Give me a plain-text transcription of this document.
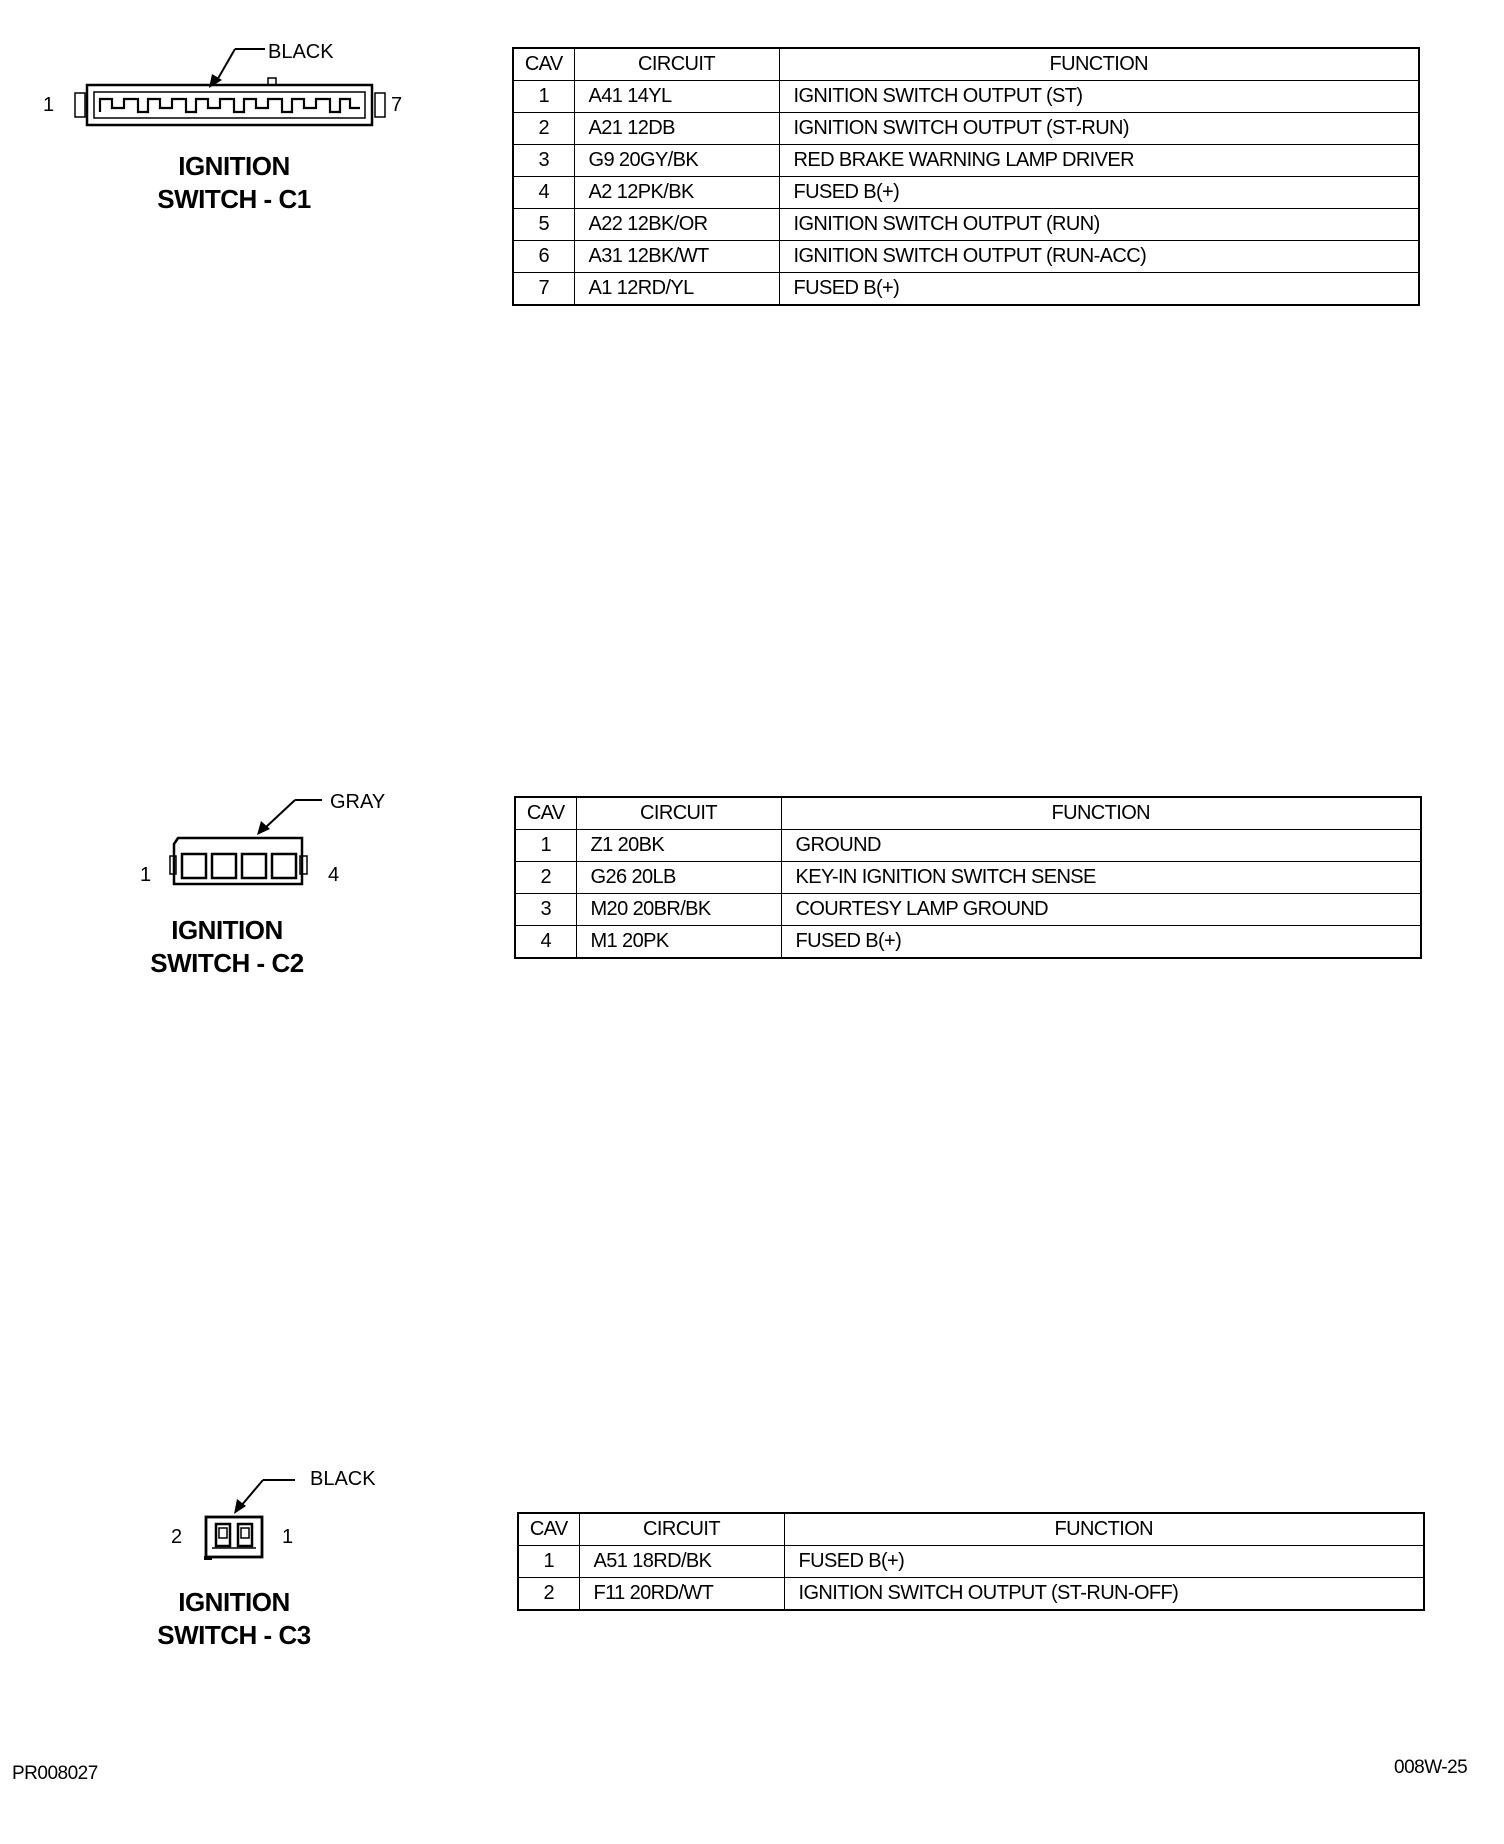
BLACK
1	7
IGNITION
SWITCH - C1
CAV	CIRCUIT	FUNCTION
1	A41 14YL	IGNITION SWITCH OUTPUT (ST)
2	A21 12DB	IGNITION SWITCH OUTPUT (ST-RUN)
3	G9 20GY/BK	RED BRAKE WARNING LAMP DRIVER
4	A2 12PK/BK	FUSED B(+)
5	A22 12BK/OR	IGNITION SWITCH OUTPUT (RUN)
6	A31 12BK/WT	IGNITION SWITCH OUTPUT (RUN-ACC)
7	A1 12RD/YL	FUSED B(+)
GRAY
1	4
IGNITION
SWITCH - C2
CAV	CIRCUIT	FUNCTION
1	Z1 20BK	GROUND
2	G26 20LB	KEY-IN IGNITION SWITCH SENSE
3	M20 20BR/BK	COURTESY LAMP GROUND
4	M1 20PK	FUSED B(+)
BLACK
2	1
IGNITION
SWITCH - C3
CAV	CIRCUIT	FUNCTION
1	A51 18RD/BK	FUSED B(+)
2	F11 20RD/WT	IGNITION SWITCH OUTPUT (ST-RUN-OFF)
PR008027	008W-25
